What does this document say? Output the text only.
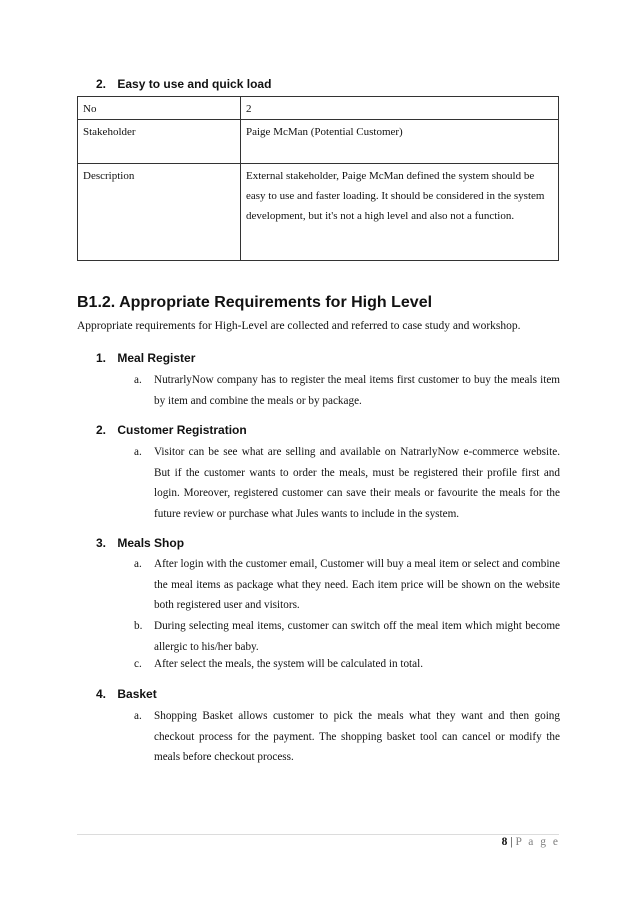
2. Easy to use and quick load
No	2
Stakeholder	Paige McMan (Potential Customer)
Description	External stakeholder, Paige McMan defined the system should be easy to use and faster loading. It should be considered in the system development, but it's not a high level and also not a function.
B1.2. Appropriate Requirements for High Level
Appropriate requirements for High-Level are collected and referred to case study and workshop.
1. Meal Register
a. NutrarlyNow company has to register the meal items first customer to buy the meals item by item and combine the meals or by package.
2. Customer Registration
a. Visitor can be see what are selling and available on NatrarlyNow e-commerce website. But if the customer wants to order the meals, must be registered their profile first and login. Moreover, registered customer can save their meals or favourite the meals for the future review or purchase what Jules wants to include in the system.
3. Meals Shop
a. After login with the customer email, Customer will buy a meal item or select and combine the meal items as package what they need. Each item price will be shown on the website both registered user and visitors.
b. During selecting meal items, customer can switch off the meal item which might become allergic to his/her baby.
c. After select the meals, the system will be calculated in total.
4. Basket
a. Shopping Basket allows customer to pick the meals what they want and then going checkout process for the payment. The shopping basket tool can cancel or modify the meals before checkout process.
8 | P a g e
